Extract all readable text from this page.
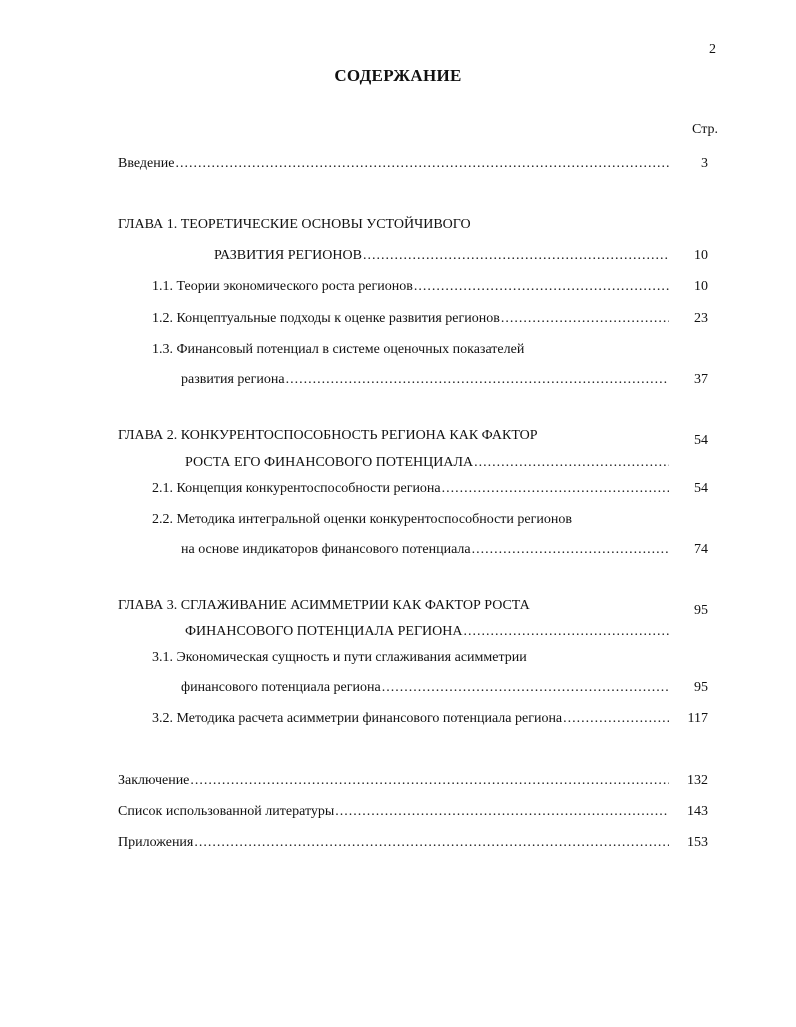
2
СОДЕРЖАНИЕ
Стр.
Введение .....	3
ГЛАВА 1. ТЕОРЕТИЧЕСКИЕ ОСНОВЫ УСТОЙЧИВОГО
РАЗВИТИЯ РЕГИОНОВ .....	10
1.1. Теории экономического роста регионов .....	10
1.2. Концептуальные подходы к оценке развития регионов .....	23
1.3. Финансовый потенциал в системе оценочных показателей
развития региона .....	37
ГЛАВА 2. КОНКУРЕНТОСПОСОБНОСТЬ РЕГИОНА КАК ФАКТОР	54
РОСТА ЕГО ФИНАНСОВОГО ПОТЕНЦИАЛА
.....
2.1. Концепция конкурентоспособности региона .....	54
2.2. Методика интегральной оценки конкурентоспособности регионов
на основе индикаторов финансового потенциала .....	74
ГЛАВА 3. СГЛАЖИВАНИЕ АСИММЕТРИИ КАК ФАКТОР РОСТА	95
ФИНАНСОВОГО ПОТЕНЦИАЛА РЕГИОНА
.....
3.1. Экономическая сущность и пути сглаживания асимметрии
финансового потенциала региона .....	95
3.2. Методика расчета асимметрии финансового потенциала региона .....	117
Заключение .....	132
Список использованной литературы .....	143
Приложения .....	153
